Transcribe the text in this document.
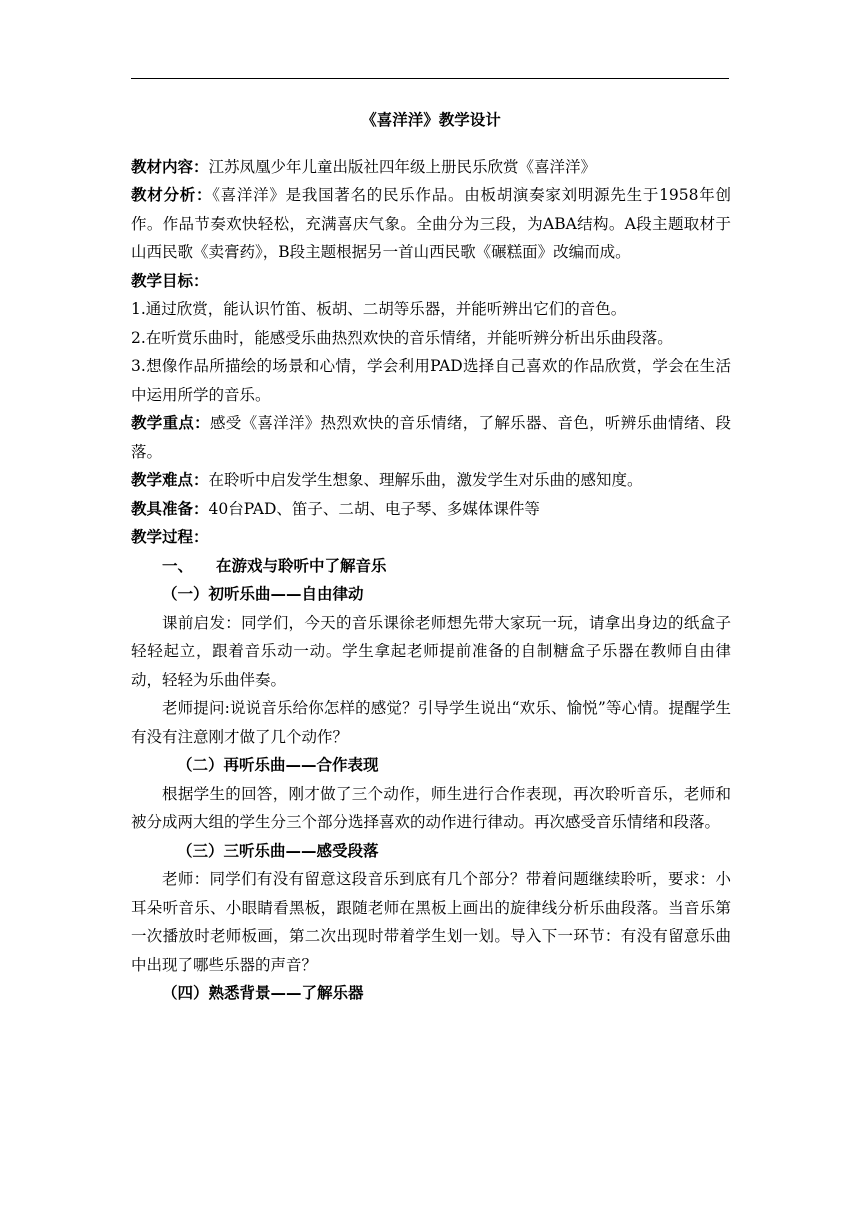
《喜洋洋》教学设计

教材内容：江苏凤凰少年儿童出版社四年级上册民乐欣赏《喜洋洋》

教材分析：《喜洋洋》是我国著名的民乐作品。由板胡演奏家刘明源先生于1958年创作。作品节奏欢快轻松，充满喜庆气象。全曲分为三段，为ABA结构。A段主题取材于山西民歌《卖膏药》，B段主题根据另一首山西民歌《碾糕面》改编而成。

教学目标：

1.通过欣赏，能认识竹笛、板胡、二胡等乐器，并能听辨出它们的音色。

2.在听赏乐曲时，能感受乐曲热烈欢快的音乐情绪，并能听辨分析出乐曲段落。

3.想像作品所描绘的场景和心情，学会利用PAD选择自己喜欢的作品欣赏，学会在生活中运用所学的音乐。

教学重点：感受《喜洋洋》热烈欢快的音乐情绪，了解乐器、音色，听辨乐曲情绪、段落。

教学难点：在聆听中启发学生想象、理解乐曲，激发学生对乐曲的感知度。

教具准备：40台PAD、笛子、二胡、电子琴、多媒体课件等

教学过程：

一、 在游戏与聆听中了解音乐

（一）初听乐曲——自由律动

课前启发：同学们，今天的音乐课徐老师想先带大家玩一玩，请拿出身边的纸盒子轻轻起立，跟着音乐动一动。学生拿起老师提前准备的自制糖盒子乐器在教师自由律动，轻轻为乐曲伴奏。

老师提问:说说音乐给你怎样的感觉？引导学生说出“欢乐、愉悦”等心情。提醒学生有没有注意刚才做了几个动作？

（二）再听乐曲——合作表现

根据学生的回答，刚才做了三个动作，师生进行合作表现，再次聆听音乐，老师和被分成两大组的学生分三个部分选择喜欢的动作进行律动。再次感受音乐情绪和段落。

（三）三听乐曲——感受段落

老师：同学们有没有留意这段音乐到底有几个部分？带着问题继续聆听，要求：小耳朵听音乐、小眼睛看黑板，跟随老师在黑板上画出的旋律线分析乐曲段落。当音乐第一次播放时老师板画，第二次出现时带着学生划一划。导入下一环节：有没有留意乐曲中出现了哪些乐器的声音？

（四）熟悉背景——了解乐器
